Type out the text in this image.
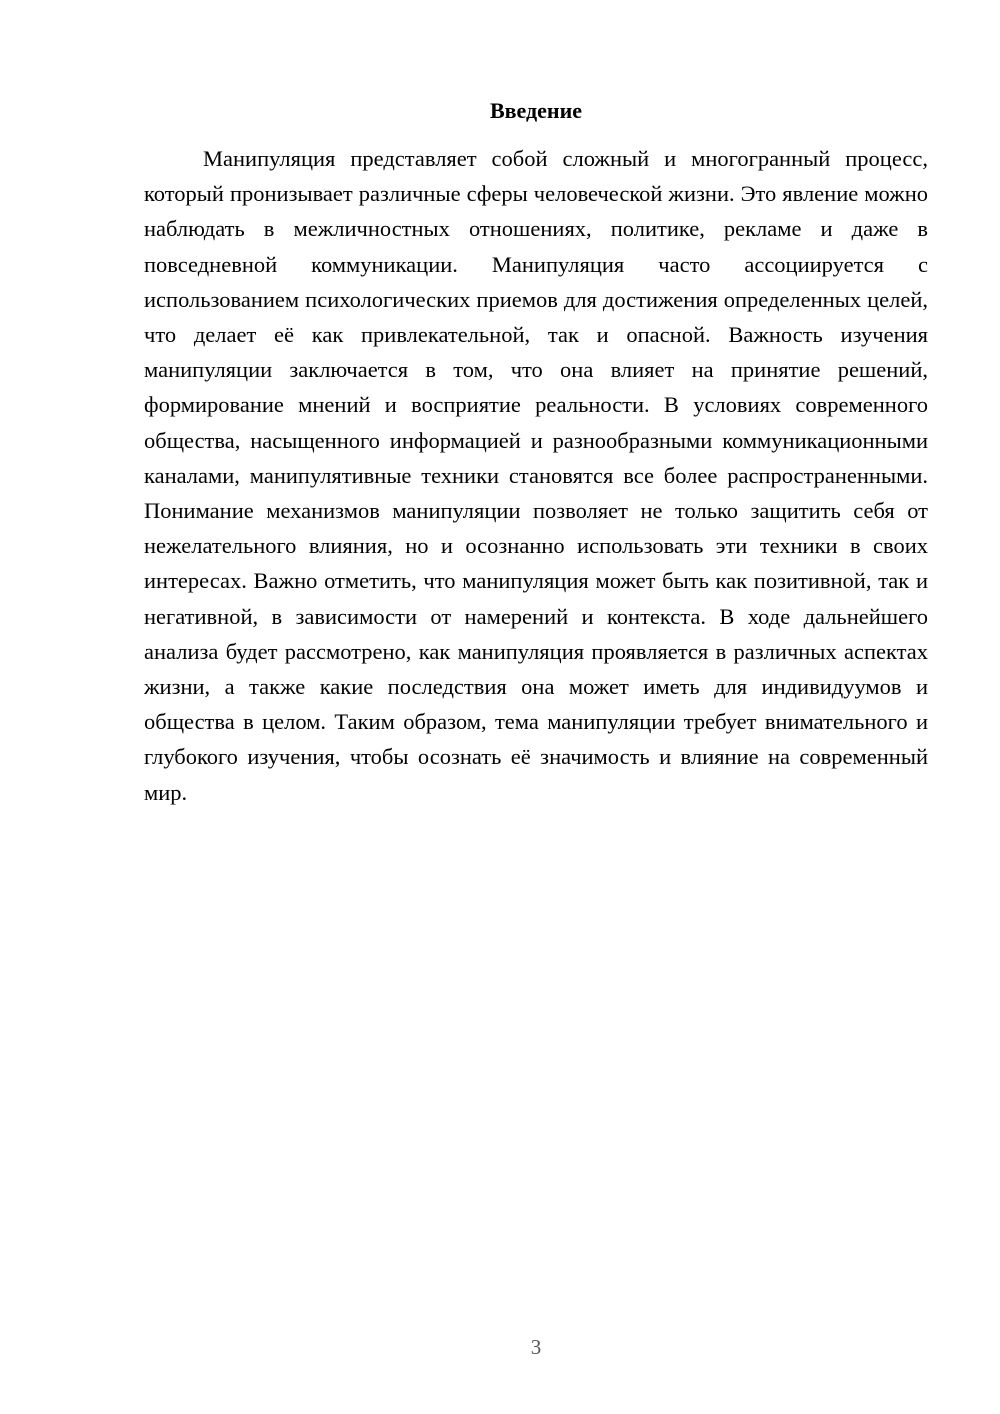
Введение

Манипуляция представляет собой сложный и многогранный процесс, который пронизывает различные сферы человеческой жизни. Это явление можно наблюдать в межличностных отношениях, политике, рекламе и даже в повседневной коммуникации. Манипуляция часто ассоциируется с использованием психологических приемов для достижения определенных целей, что делает её как привлекательной, так и опасной. Важность изучения манипуляции заключается в том, что она влияет на принятие решений, формирование мнений и восприятие реальности. В условиях современного общества, насыщенного информацией и разнообразными коммуникационными каналами, манипулятивные техники становятся все более распространенными. Понимание механизмов манипуляции позволяет не только защитить себя от нежелательного влияния, но и осознанно использовать эти техники в своих интересах. Важно отметить, что манипуляция может быть как позитивной, так и негативной, в зависимости от намерений и контекста. В ходе дальнейшего анализа будет рассмотрено, как манипуляция проявляется в различных аспектах жизни, а также какие последствия она может иметь для индивидуумов и общества в целом. Таким образом, тема манипуляции требует внимательного и глубокого изучения, чтобы осознать её значимость и влияние на современный мир.

3
